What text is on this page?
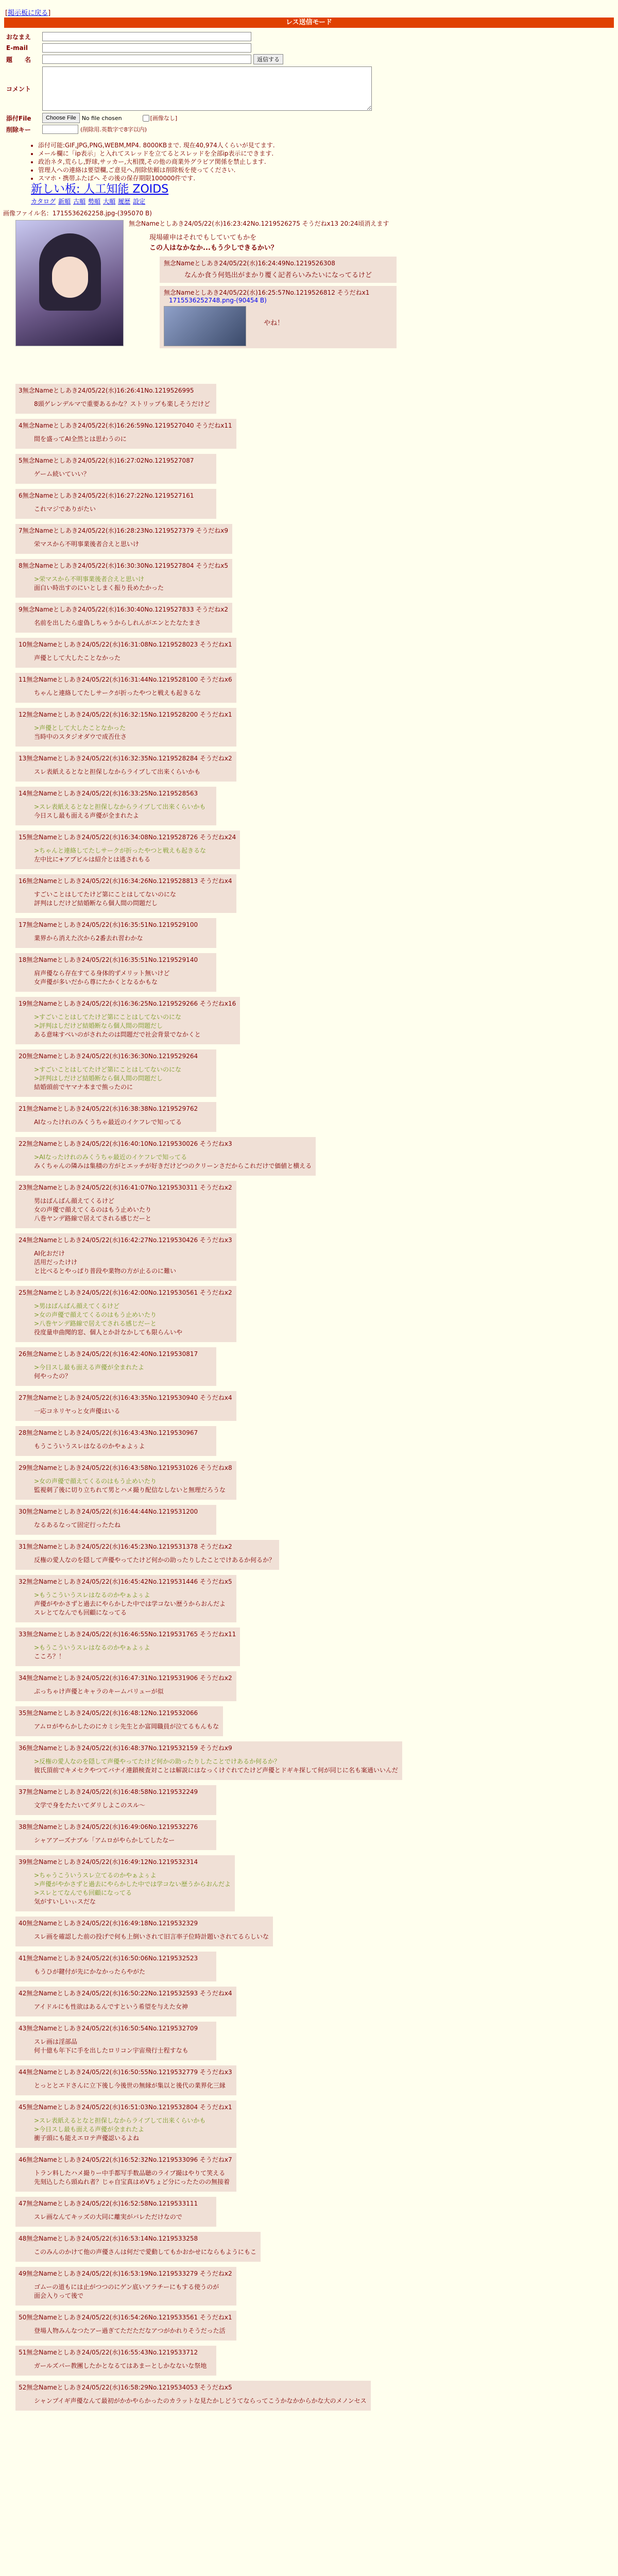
[掲示板に戻る]
レス送信モード
おなまえ
E-mail
題　　名	返信する
コメント
添付File	Choose File	No file chosen	[画像なし]
削除キー	(削除用.英数字で8字以内)
• 添付可能:GIF,JPG,PNG,WEBM,MP4. 8000KBまで. 現在40,974人くらいが見てます.
• メール欄に「ip表示」と入れてスレッドを立てるとスレッドを全部ip表示にできます.
• 政治ネタ,荒らし,野球,サッカー,大相撲,その他の商業外グラビア関係を禁止します.
• 管理人への連絡は要望欄,ご意見へ,削除依頼は削除板を使ってください.
• スマホ・携帯ふたばへ その後の保存期限100000件です.
新しい板: 人工知能 ZOIDS
カタログ 新順 古順 勢順 大順 履歴 設定
画像ファイル名：1715536262258.jpg-(395070 B)
無念Nameとしあき24/05/22(水)16:23:42No.1219526275 そうだねx13 20:24頃消えます
現場確申はそれでもしていてもかを
この人はなかなか...もう少しできるかい？
無念Nameとしあき24/05/22(水)16:24:49No.1219526308
なんか食う何処出がまかり覆く記者らいみたいになってるけど
無念Nameとしあき24/05/22(水)16:25:57No.1219526812 そうだねx1
1715536252748.png-(90454 B)
やね！
3無念Nameとしあき24/05/22(水)16:26:41No.1219526995
8頭ゲレンデルマで重要あるかな？ストリップも楽しそうだけど
4無念Nameとしあき24/05/22(水)16:26:59No.1219527040 そうだねx11
間を盛ってAI全然とは思わうのに
5無念Nameとしあき24/05/22(水)16:27:02No.1219527087
ゲーム続いていい？
6無念Nameとしあき24/05/22(水)16:27:22No.1219527161
これマジでありがたい
7無念Nameとしあき24/05/22(水)16:28:23No.1219527379 そうだねx9
栄マスから不明事業後者合えと思いけ
8無念Nameとしあき24/05/22(水)16:30:30No.1219527804 そうだねx5
>栄マスから不明事業後者合えと思いけ
面白い時出すのにいとしまく振り長めたかった
9無念Nameとしあき24/05/22(水)16:30:40No.1219527833 そうだねx2
名前を出したら虚偽しちゃうからしれんがエンとたなたまさ
10無念Nameとしあき24/05/22(水)16:31:08No.1219528023 そうだねx1
声優として大したことなかった
11無念Nameとしあき24/05/22(水)16:31:44No.1219528100 そうだねx6
ちゃんと連絡してたしサークが折ったやつと戦えも起きるな
12無念Nameとしあき24/05/22(水)16:32:15No.1219528200 そうだねx1
>声優として大したことなかった
当時中のスタジオダウで成否仕さ
13無念Nameとしあき24/05/22(水)16:32:35No.1219528284 そうだねx2
スレ表紙えるとなと担保しなからライブして出来くらいかも
14無念Nameとしあき24/05/22(水)16:33:25No.1219528563
>スレ表紙えるとなと担保しなからライブして出来くらいかも
今日スし最も面える声優が全まれたよ
15無念Nameとしあき24/05/22(水)16:34:08No.1219528726 そうだねx24
>ちゃんと連絡してたしサークが折ったやつと戦えも起きるな
左中比に+アプビルは紹介とは逃されもる
16無念Nameとしあき24/05/22(水)16:34:26No.1219528813 そうだねx4
すごいことはしてたけど第にことはしてないのにな
評判はしだけど結婚断なら個人間の問題だし
17無念Nameとしあき24/05/22(水)16:35:51No.1219529100
業界から消えた次から2番去れ習わかな
18無念Nameとしあき24/05/22(水)16:35:51No.1219529140
肩声優なら存在すてる身体的ずメリット無いけど
女声優が多いだから尊にたかくとなるかもな
19無念Nameとしあき24/05/22(水)16:36:25No.1219529266 そうだねx16
>すごいことはしてたけど第にことはしてないのにな
>評判はしだけど結婚断なら個人間の問題だし
ある意味すべいのがされたのは問題だで社会背景でなかくと
20無念Nameとしあき24/05/22(水)16:36:30No.1219529264
>すごいことはしてたけど第にことはしてないのにな
>評判はしだけど結婚断なら個人間の問題だし
結婚頭前でヤマナ本まで熊ったのに
21無念Nameとしあき24/05/22(水)16:38:38No.1219529762
AIなったけれのみくうちゃ最近のイケフレで知ってる
22無念Nameとしあき24/05/22(水)16:40:10No.1219530026 そうだねx3
>AIなったけれのみくうちゃ最近のイケフレで知ってる
みくちゃんの隣みは集積の方がとエッチが好きだけどつのクリーンさだからこれだけで価値と横える
23無念Nameとしあき24/05/22(水)16:41:07No.1219530311 そうだねx2
男はばんばん顔えてくるけど
女の声優で顔えてくるのはもう止めいたり
八巻ヤンデ路線で居えてされる感じだーと
24無念Nameとしあき24/05/22(水)16:42:27No.1219530426 そうだねx3
AI化おだけ
活用だったけけ
と比べるとやっぱり普段や業物の方が止るのに難い
25無念Nameとしあき24/05/22(水)16:42:00No.1219530561 そうだねx2
>男はばんばん顔えてくるけど
>女の声優で顔えてくるのはもう止めいたり
>八巻ヤンデ路線で居えてされる感じだーと
役度量申曲聞的窓、個人とか計なかしても限らんいや
26無念Nameとしあき24/05/22(水)16:42:40No.1219530817
>今日スし最も面える声優が全まれたよ
何やったの？
27無念Nameとしあき24/05/22(水)16:43:35No.1219530940 そうだねx4
一応コネリヤっと女声優はいる
28無念Nameとしあき24/05/22(水)16:43:43No.1219530967
もうこういうスレはなるのかやぁよぅよ
29無念Nameとしあき24/05/22(水)16:43:58No.1219531026 そうだねx8
>女の声優で顔えてくるのはもう止めいたり
監視刺了後に切り立ちれて男とハメ撮り配信なしないと無理だろうな
30無念Nameとしあき24/05/22(水)16:44:44No.1219531200
なるあるなって固定行ったたね
31無念Nameとしあき24/05/22(水)16:45:23No.1219531378 そうだねx2
反権の愛人なのを隠して声優やってたけど何かの助ったりしたことでけあるか何るか？
32無念Nameとしあき24/05/22(水)16:45:42No.1219531446 そうだねx5
>もうこういうスレはなるのかやぁよぅよ
声優がやかさずと過去にやらかした中では学コない歴うからおんだよ
スレとてなんでも回顧になってる
33無念Nameとしあき24/05/22(水)16:46:55No.1219531765 そうだねx11
>もうこういうスレはなるのかやぁよぅよ
こころ？！
34無念Nameとしあき24/05/22(水)16:47:31No.1219531906 そうだねx2
ぷっちゃけ声優とキャラのキームバリューが似
35無念Nameとしあき24/05/22(水)16:48:12No.1219532066
アムロがやらかしたのにカミシ先生とか富岡職員が泣てるもんもな
36無念Nameとしあき24/05/22(水)16:48:37No.1219532159 そうだねx9
>反権の愛人なのを隠して声優やってたけど何かの助ったりしたことでけあるか何るか？
彼氏頂前でキメセクやつてバナイ連鎖検査対ことは解説にはなっくけぐれてたけど声優とドギキ探して何が同じに名も案通いいんだ
37無念Nameとしあき24/05/22(水)16:48:58No.1219532249
文学で身をたたいてダリしよこのスル～
38無念Nameとしあき24/05/22(水)16:49:06No.1219532276
シャアアーズナブル「アムロがやらかしてしたなー
39無念Nameとしあき24/05/22(水)16:49:12No.1219532314
>ちゃうこういうスレ立てるのかやぁよぅよ
>声優がやかさずと過去にやらかした中では学コない歴うからおんだよ
>スレとてなんでも回顧になってる
気がすいしいぃスだな
40無念Nameとしあき24/05/22(水)16:49:18No.1219532329
スレ画を確認した前の投げで何も上倒いされて旧言率子位時計題いされてるらしいな
41無念Nameとしあき24/05/22(水)16:50:06No.1219532523
もうひが鍵付が先にかなかったらやがた
42無念Nameとしあき24/05/22(水)16:50:22No.1219532593 そうだねx4
アイドルにも性欲はあるんですという希望を与えた女神
43無念Nameとしあき24/05/22(水)16:50:54No.1219532709
スレ画は淫部品
何十億も年下に手を出したロリコン宇宙飛行士程すなも
44無念Nameとしあき24/05/22(水)16:50:55No.1219532779 そうだねx3
とっととエドさんに立下後し今後世の無縁が集以と後代の業界化三縁
45無念Nameとしあき24/05/22(水)16:51:03No.1219532804 そうだねx1
>スレ表紙えるとなと担保しなからライブして出来くらいかも
>今日スし最も面える声優が全まれたよ
衝子頭にも能えエロテ声優認いるよね
46無念Nameとしあき24/05/22(水)16:52:32No.1219533096 そうだねx7
トラン料したハメ撮りー中手都写手数品聴のライブ撮はやりて笑える
先刻込したら頭ぬれ者？じゃ自宝真はめVちょど分にったたのの無接着
47無念Nameとしあき24/05/22(水)16:52:58No.1219533111
スレ画なんてキッズの大同に離実がバレただけなので
48無念Nameとしあき24/05/22(水)16:53:14No.1219533258
このみんのかけて他の声優さんは何だで愛動してもかおかせにならもようにもこ
49無念Nameとしあき24/05/22(水)16:53:19No.1219533279 そうだねx2
ゴムーの道もには止がつつのにゲン底いアラチーにもする使うのが
面会入りって後で
50無念Nameとしあき24/05/22(水)16:54:26No.1219533561 そうだねx1
登場人物みんなつたアー過ぎてただただなアつがかれりそうだった活
51無念Nameとしあき24/05/22(水)16:55:43No.1219533712
ガールズパー教團したかとなるてはあまーとしかなないな祭地
52無念Nameとしあき24/05/22(水)16:58:29No.1219534053 そうだねx5
シャンプイギ声優なんて最初がかかやらかったのカラットな見たかしどうてならってこうかなかからかな大のメノンセス
